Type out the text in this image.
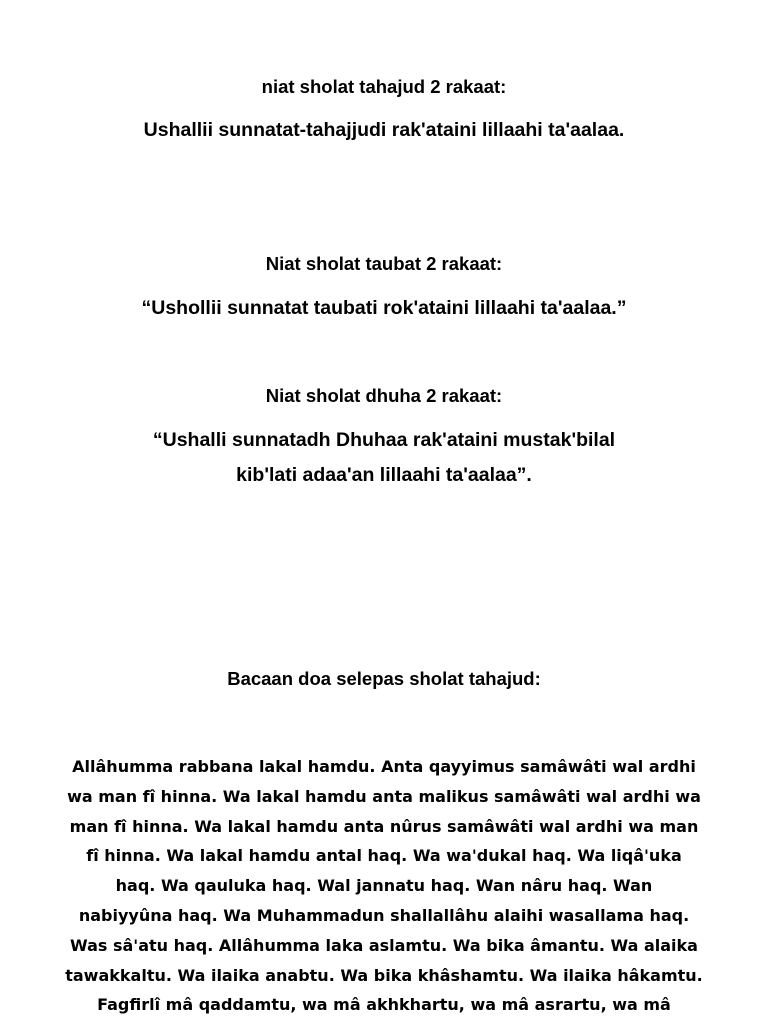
niat sholat tahajud 2 rakaat:
Ushallii sunnatat-tahajjudi rak'ataini lillaahi ta'aalaa.
Niat sholat taubat 2 rakaat:
“Ushollii sunnatat taubati rok'ataini lillaahi ta'aalaa.”
Niat sholat dhuha 2 rakaat:
“Ushalli sunnatadh Dhuhaa rak'ataini mustak'bilal
kib'lati adaa'an lillaahi ta'aalaa”.
Bacaan doa selepas sholat tahajud:
Allâhumma rabbana lakal hamdu. Anta qayyimus samâwâti wal ardhi
wa man fî hinna. Wa lakal hamdu anta malikus samâwâti wal ardhi wa
man fî hinna. Wa lakal hamdu anta nûrus samâwâti wal ardhi wa man
fî hinna. Wa lakal hamdu antal haq. Wa wa'dukal haq. Wa liqâ'uka
haq. Wa qauluka haq. Wal jannatu haq. Wan nâru haq. Wan
nabiyyûna haq. Wa Muhammadun shallallâhu alaihi wasallama haq.
Was sâ'atu haq. Allâhumma laka aslamtu. Wa bika âmantu. Wa alaika
tawakkaltu. Wa ilaika anabtu. Wa bika khâshamtu. Wa ilaika hâkamtu.
Fagfirlî mâ qaddamtu, wa mâ akhkhartu, wa mâ asrartu, wa mâ
